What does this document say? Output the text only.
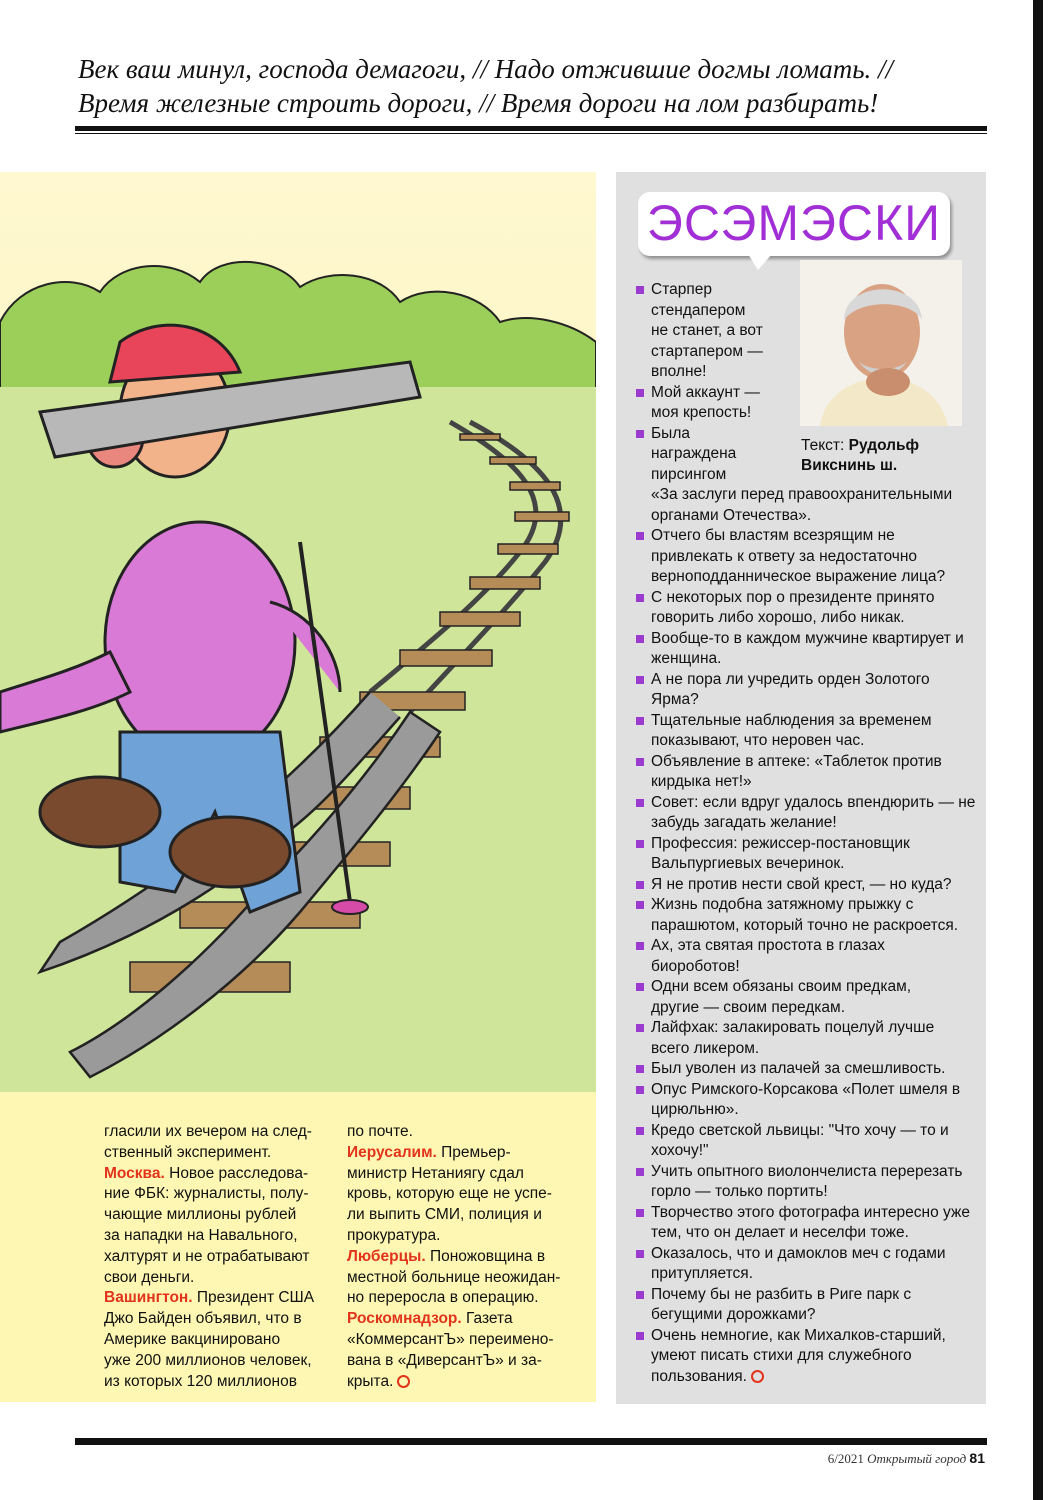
Век ваш минул, господа демагоги, // Надо отжившие догмы ломать. //
Время железные строить дороги, // Время дороги на лом разбирать!
гласили их вечером на след-
ственный эксперимент.
Москва. Новое расследова-
ние ФБК: журналисты, полу-
чающие миллионы рублей
за нападки на Навального,
халтурят и не отрабатывают
свои деньги.
Вашингтон. Президент США
Джо Байден объявил, что в
Америке вакцинировано
уже 200 миллионов человек,
из которых 120 миллионов
по почте.
Иерусалим. Премьер-
министр Нетаниягу сдал
кровь, которую еще не успе-
ли выпить СМИ, полиция и
прокуратура.
Люберцы. Поножовщина в
местной больнице неожидан-
но переросла в операцию.
Роскомнадзор. Газета
«КоммерсантЪ» переимено-
вана в «ДиверсантЪ» и за-
крыта.
ЭСЭМЭСКИ
Текст: Рудольф
Викснинь ш.
Старпер
стендапером
не станет, а вот
стартапером —
вполне!
Мой аккаунт —
моя крепость!
Была
награждена
пирсингом
«За заслуги перед правоохранительными
органами Отечества».
Отчего бы властям всезрящим не
привлекать к ответу за недостаточно
верноподданническое выражение лица?
С некоторых пор о президенте принято
говорить либо хорошо, либо никак.
Вообще-то в каждом мужчине квартирует и
женщина.
А не пора ли учредить орден Золотого
Ярма?
Тщательные наблюдения за временем
показывают, что неровен час.
Объявление в аптеке: «Таблеток против
кирдыка нет!»
Совет: если вдруг удалось впендюрить — не
забудь загадать желание!
Профессия: режиссер-постановщик
Вальпургиевых вечеринок.
Я не против нести свой крест, — но куда?
Жизнь подобна затяжному прыжку с
парашютом, который точно не раскроется.
Ах, эта святая простота в глазах
биороботов!
Одни всем обязаны своим предкам,
другие — своим передкам.
Лайфхак: залакировать поцелуй лучше
всего ликером.
Был уволен из палачей за смешливость.
Опус Римского-Корсакова «Полет шмеля в
цирюльню».
Кредо светской львицы: "Что хочу — то и
хохочу!"
Учить опытного виолончелиста перерезать
горло — только портить!
Творчество этого фотографа интересно уже
тем, что он делает и неселфи тоже.
Оказалось, что и дамоклов меч с годами
притупляется.
Почему бы не разбить в Риге парк с
бегущими дорожками?
Очень немногие, как Михалков-старший,
умеют писать стихи для служебного
пользования.
6/2021 Открытый город 81
